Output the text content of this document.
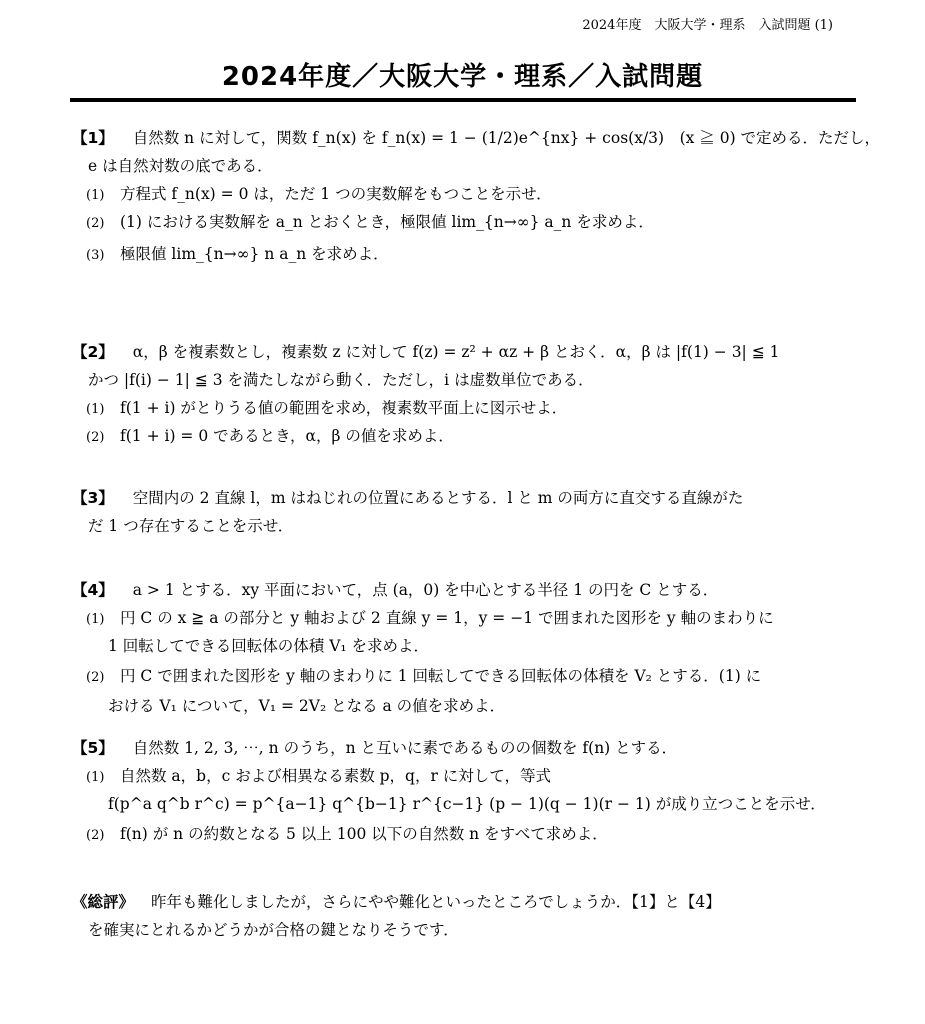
2024年度　大阪大学・理系　入試問題 (1)
2024年度／大阪大学・理系／入試問題
【1】 自然数 n に対して，関数 f_n(x) を f_n(x) = 1 − (1/2)e^{nx} + cos(x/3)　(x ≧ 0) で定める．ただし，
e は自然対数の底である．
(1) 方程式 f_n(x) = 0 は，ただ 1 つの実数解をもつことを示せ．
(2) (1) における実数解を a_n とおくとき，極限値 lim_{n→∞} a_n を求めよ．
(3) 極限値 lim_{n→∞} n a_n を求めよ．
【2】 α，β を複素数とし，複素数 z に対して f(z) = z² + αz + β とおく．α，β は |f(1) − 3| ≦ 1
かつ |f(i) − 1| ≦ 3 を満たしながら動く．ただし，i は虚数単位である．
(1) f(1 + i) がとりうる値の範囲を求め，複素数平面上に図示せよ．
(2) f(1 + i) = 0 であるとき，α，β の値を求めよ．
【3】 空間内の 2 直線 l，m はねじれの位置にあるとする．l と m の両方に直交する直線がた
だ 1 つ存在することを示せ．
【4】 a > 1 とする．xy 平面において，点 (a，0) を中心とする半径 1 の円を C とする．
(1) 円 C の x ≧ a の部分と y 軸および 2 直線 y = 1，y = −1 で囲まれた図形を y 軸のまわりに
1 回転してできる回転体の体積 V₁ を求めよ．
(2) 円 C で囲まれた図形を y 軸のまわりに 1 回転してできる回転体の体積を V₂ とする．(1) に
おける V₁ について，V₁ = 2V₂ となる a の値を求めよ．
【5】 自然数 1, 2, 3, ⋯, n のうち，n と互いに素であるものの個数を f(n) とする．
(1) 自然数 a，b，c および相異なる素数 p，q，r に対して，等式
f(p^a q^b r^c) = p^{a−1} q^{b−1} r^{c−1} (p − 1)(q − 1)(r − 1) が成り立つことを示せ．
(2) f(n) が n の約数となる 5 以上 100 以下の自然数 n をすべて求めよ．
《総評》 昨年も難化しましたが，さらにやや難化といったところでしょうか．【1】と【4】
を確実にとれるかどうかが合格の鍵となりそうです．
